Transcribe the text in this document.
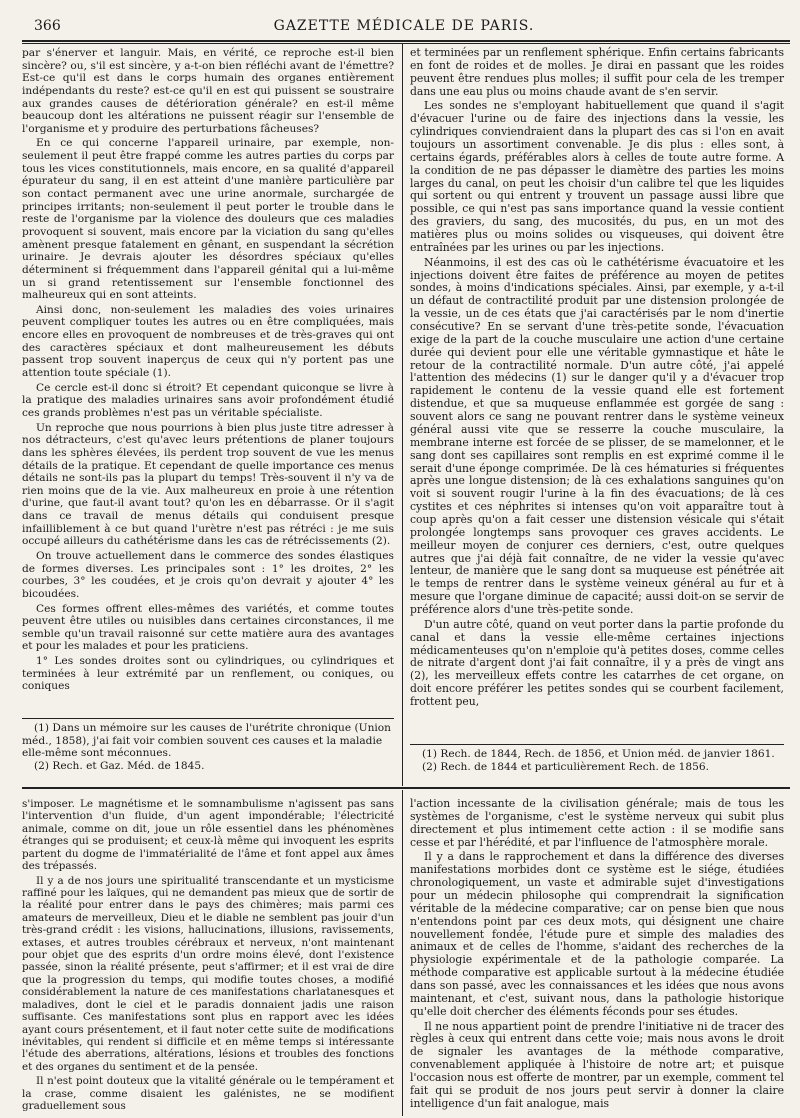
366	GAZETTE MÉDICALE DE PARIS.

par s'énerver et languir. Mais, en vérité, ce reproche est-il bien sincère? ou, s'il est sincère, y a-t-on bien réfléchi avant de l'émettre? Est-ce qu'il est dans le corps humain des organes entièrement indépendants du reste? est-ce qu'il en est qui puissent se soustraire aux grandes causes de détérioration générale? en est-il même beaucoup dont les altérations ne puissent réagir sur l'ensemble de l'organisme et y produire des perturbations fâcheuses?

En ce qui concerne l'appareil urinaire, par exemple, non-seulement il peut être frappé comme les autres parties du corps par tous les vices constitutionnels, mais encore, en sa qualité d'appareil épurateur du sang, il en est atteint d'une manière particulière par son contact permanent avec une urine anormale, surchargée de principes irritants; non-seulement il peut porter le trouble dans le reste de l'organisme par la violence des douleurs que ces maladies provoquent si souvent, mais encore par la viciation du sang qu'elles amènent presque fatalement en gênant, en suspendant la sécrétion urinaire. Je devrais ajouter les désordres spéciaux qu'elles déterminent si fréquemment dans l'appareil génital qui a lui-même un si grand retentissement sur l'ensemble fonctionnel des malheureux qui en sont atteints.

Ainsi donc, non-seulement les maladies des voies urinaires peuvent compliquer toutes les autres ou en être compliquées, mais encore elles en provoquent de nombreuses et de très-graves qui ont des caractères spéciaux et dont malheureusement les débuts passent trop souvent inaperçus de ceux qui n'y portent pas une attention toute spéciale (1).

Ce cercle est-il donc si étroit? Et cependant quiconque se livre à la pratique des maladies urinaires sans avoir profondément étudié ces grands problèmes n'est pas un véritable spécialiste.

Un reproche que nous pourrions à bien plus juste titre adresser à nos détracteurs, c'est qu'avec leurs prétentions de planer toujours dans les sphères élevées, ils perdent trop souvent de vue les menus détails de la pratique. Et cependant de quelle importance ces menus détails ne sont-ils pas la plupart du temps! Très-souvent il n'y va de rien moins que de la vie. Aux malheureux en proie à une rétention d'urine, que faut-il avant tout? qu'on les en débarrasse. Or il s'agit dans ce travail de menus détails qui conduisent presque infailliblement à ce but quand l'urètre n'est pas rétréci : je me suis occupé ailleurs du cathétérisme dans les cas de rétrécissements (2).

On trouve actuellement dans le commerce des sondes élastiques de formes diverses. Les principales sont : 1° les droites, 2° les courbes, 3° les coudées, et je crois qu'on devrait y ajouter 4° les bicoudées.

Ces formes offrent elles-mêmes des variétés, et comme toutes peuvent être utiles ou nuisibles dans certaines circonstances, il me semble qu'un travail raisonné sur cette matière aura des avantages et pour les malades et pour les praticiens.

1° Les sondes droites sont ou cylindriques, ou cylindriques et terminées à leur extrémité par un renflement, ou coniques, ou coniques

(1) Dans un mémoire sur les causes de l'urétrite chronique (Union méd., 1858), j'ai fait voir combien souvent ces causes et la maladie elle-même sont méconnues.

(2) Rech. et Gaz. Méd. de 1845.

et terminées par un renflement sphérique. Enfin certains fabricants en font de roides et de molles. Je dirai en passant que les roides peuvent être rendues plus molles; il suffit pour cela de les tremper dans une eau plus ou moins chaude avant de s'en servir.

Les sondes ne s'employant habituellement que quand il s'agit d'évacuer l'urine ou de faire des injections dans la vessie, les cylindriques conviendraient dans la plupart des cas si l'on en avait toujours un assortiment convenable. Je dis plus : elles sont, à certains égards, préférables alors à celles de toute autre forme. A la condition de ne pas dépasser le diamètre des parties les moins larges du canal, on peut les choisir d'un calibre tel que les liquides qui sortent ou qui entrent y trouvent un passage aussi libre que possible, ce qui n'est pas sans importance quand la vessie contient des graviers, du sang, des mucosités, du pus, en un mot des matières plus ou moins solides ou visqueuses, qui doivent être entraînées par les urines ou par les injections.

Néanmoins, il est des cas où le cathétérisme évacuatoire et les injections doivent être faites de préférence au moyen de petites sondes, à moins d'indications spéciales. Ainsi, par exemple, y a-t-il un défaut de contractilité produit par une distension prolongée de la vessie, un de ces états que j'ai caractérisés par le nom d'inertie consécutive? En se servant d'une très-petite sonde, l'évacuation exige de la part de la couche musculaire une action d'une certaine durée qui devient pour elle une véritable gymnastique et hâte le retour de la contractilité normale. D'un autre côté, j'ai appelé l'attention des médecins (1) sur le danger qu'il y a d'évacuer trop rapidement le contenu de la vessie quand elle est fortement distendue, et que sa muqueuse enflammée est gorgée de sang : souvent alors ce sang ne pouvant rentrer dans le système veineux général aussi vite que se resserre la couche musculaire, la membrane interne est forcée de se plisser, de se mamelonner, et le sang dont ses capillaires sont remplis en est exprimé comme il le serait d'une éponge comprimée. De là ces hématuries si fréquentes après une longue distension; de là ces exhalations sanguines qu'on voit si souvent rougir l'urine à la fin des évacuations; de là ces cystites et ces néphrites si intenses qu'on voit apparaître tout à coup après qu'on a fait cesser une distension vésicale qui s'était prolongée longtemps sans provoquer ces graves accidents. Le meilleur moyen de conjurer ces derniers, c'est, outre quelques autres que j'ai déjà fait connaître, de ne vider la vessie qu'avec lenteur, de manière que le sang dont sa muqueuse est pénétrée ait le temps de rentrer dans le système veineux général au fur et à mesure que l'organe diminue de capacité; aussi doit-on se servir de préférence alors d'une très-petite sonde.

D'un autre côté, quand on veut porter dans la partie profonde du canal et dans la vessie elle-même certaines injections médicamenteuses qu'on n'emploie qu'à petites doses, comme celles de nitrate d'argent dont j'ai fait connaître, il y a près de vingt ans (2), les merveilleux effets contre les catarrhes de cet organe, on doit encore préférer les petites sondes qui se courbent facilement, frottent peu,

(1) Rech. de 1844, Rech. de 1856, et Union méd. de janvier 1861.

(2) Rech. de 1844 et particulièrement Rech. de 1856.

s'imposer. Le magnétisme et le somnambulisme n'agissent pas sans l'intervention d'un fluide, d'un agent impondérable; l'électricité animale, comme on dit, joue un rôle essentiel dans les phénomènes étranges qui se produisent; et ceux-là même qui invoquent les esprits partent du dogme de l'immatérialité de l'âme et font appel aux âmes des trépassés.

Il y a de nos jours une spiritualité transcendante et un mysticisme raffiné pour les laïques, qui ne demandent pas mieux que de sortir de la réalité pour entrer dans le pays des chimères; mais parmi ces amateurs de merveilleux, Dieu et le diable ne semblent pas jouir d'un très-grand crédit : les visions, hallucinations, illusions, ravissements, extases, et autres troubles cérébraux et nerveux, n'ont maintenant pour objet que des esprits d'un ordre moins élevé, dont l'existence passée, sinon la réalité présente, peut s'affirmer; et il est vrai de dire que la progression du temps, qui modifie toutes choses, a modifié considérablement la nature de ces manifestations charlatanesques et maladives, dont le ciel et le paradis donnaient jadis une raison suffisante. Ces manifestations sont plus en rapport avec les idées ayant cours présentement, et il faut noter cette suite de modifications inévitables, qui rendent si difficile et en même temps si intéressante l'étude des aberrations, altérations, lésions et troubles des fonctions et des organes du sentiment et de la pensée.

Il n'est point douteux que la vitalité générale ou le tempérament et la crase, comme disaient les galénistes, ne se modifient graduellement sous

l'action incessante de la civilisation générale; mais de tous les systèmes de l'organisme, c'est le système nerveux qui subit plus directement et plus intimement cette action : il se modifie sans cesse et par l'hérédité, et par l'influence de l'atmosphère morale.

Il y a dans le rapprochement et dans la différence des diverses manifestations morbides dont ce système est le siége, étudiées chronologiquement, un vaste et admirable sujet d'investigations pour un médecin philosophe qui comprendrait la signification véritable de la médecine comparative; car on pense bien que nous n'entendons point par ces deux mots, qui désignent une chaire nouvellement fondée, l'étude pure et simple des maladies des animaux et de celles de l'homme, s'aidant des recherches de la physiologie expérimentale et de la pathologie comparée. La méthode comparative est applicable surtout à la médecine étudiée dans son passé, avec les connaissances et les idées que nous avons maintenant, et c'est, suivant nous, dans la pathologie historique qu'elle doit chercher des éléments féconds pour ses études.

Il ne nous appartient point de prendre l'initiative ni de tracer des règles à ceux qui entrent dans cette voie; mais nous avons le droit de signaler les avantages de la méthode comparative, convenablement appliquée à l'histoire de notre art; et puisque l'occasion nous est offerte de montrer, par un exemple, comment tel fait qui se produit de nos jours peut servir à donner la claire intelligence d'un fait analogue, mais
